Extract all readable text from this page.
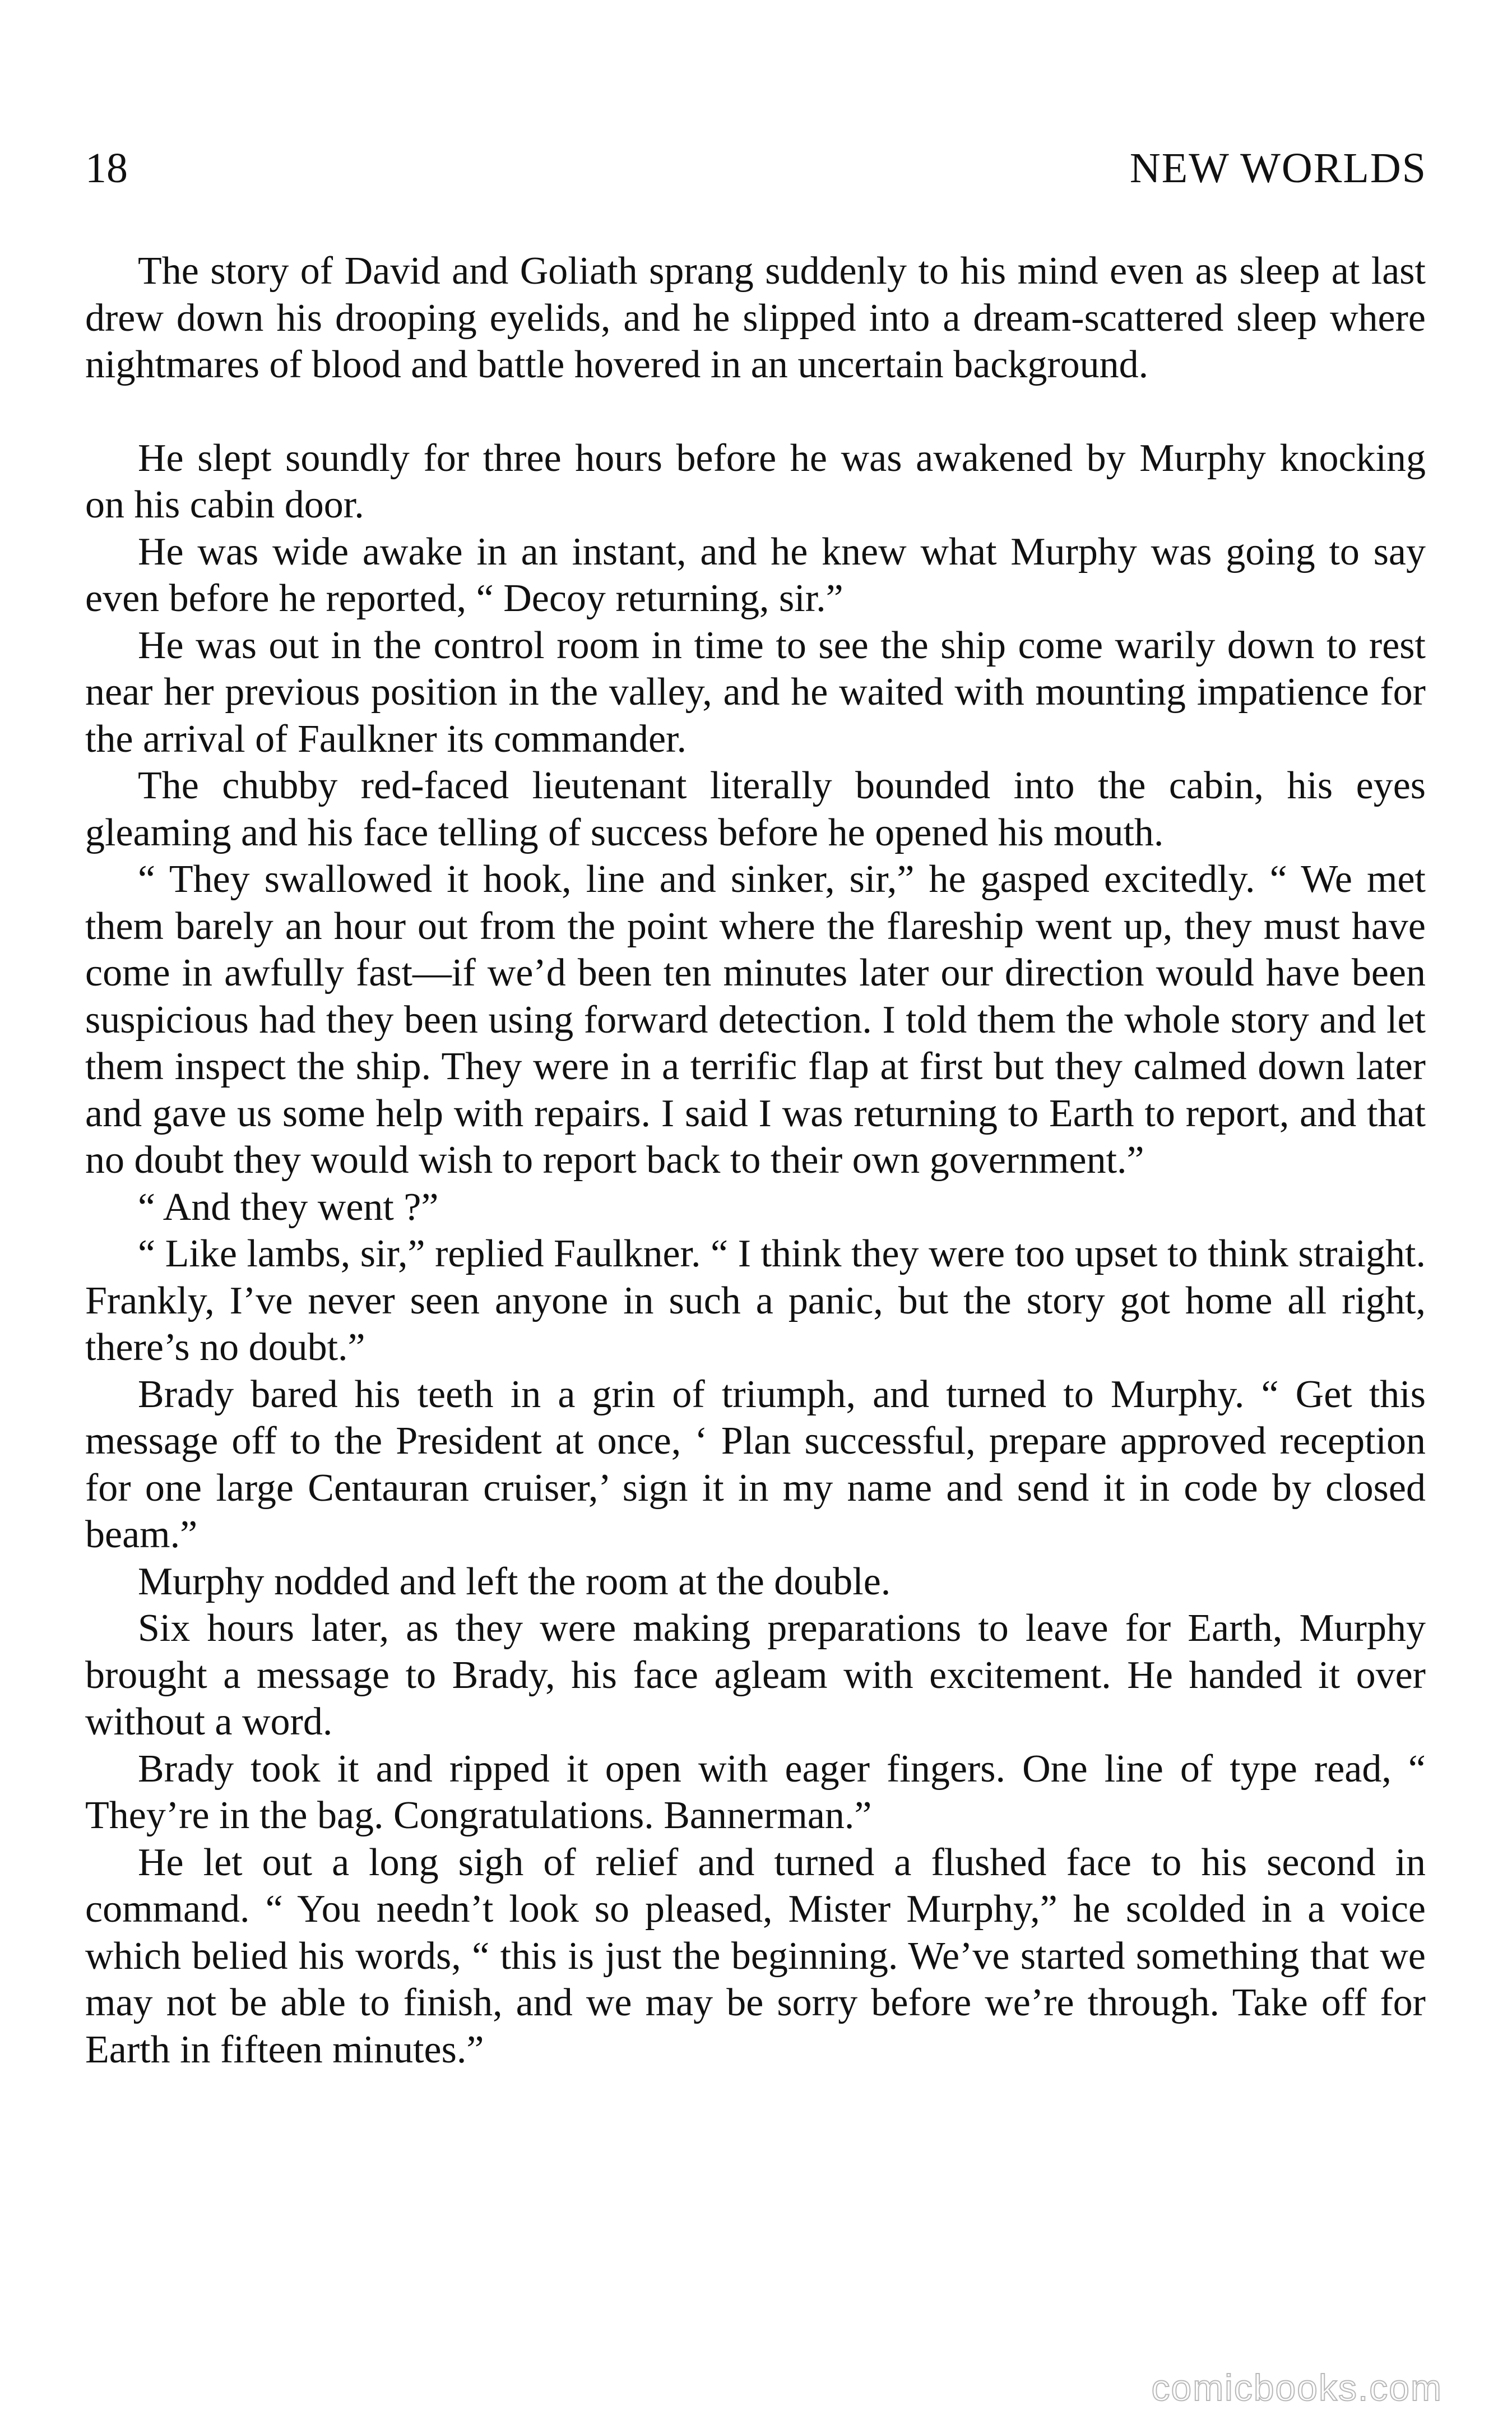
18	NEW WORLDS

The story of David and Goliath sprang suddenly to his mind even as sleep at last drew down his drooping eyelids, and he slipped into a dream-scattered sleep where nightmares of blood and battle hovered in an uncertain background.

He slept soundly for three hours before he was awakened by Murphy knocking on his cabin door.

He was wide awake in an instant, and he knew what Murphy was going to say even before he reported, “ Decoy returning, sir.”

He was out in the control room in time to see the ship come warily down to rest near her previous position in the valley, and he waited with mounting impatience for the arrival of Faulkner its commander.

The chubby red-faced lieutenant literally bounded into the cabin, his eyes gleaming and his face telling of success before he opened his mouth.

“ They swallowed it hook, line and sinker, sir,” he gasped excitedly. “ We met them barely an hour out from the point where the flareship went up, they must have come in awfully fast—if we’d been ten minutes later our direction would have been suspicious had they been using forward detection. I told them the whole story and let them inspect the ship. They were in a terrific flap at first but they calmed down later and gave us some help with repairs. I said I was returning to Earth to report, and that no doubt they would wish to report back to their own government.”

“ And they went ?”

“ Like lambs, sir,” replied Faulkner. “ I think they were too upset to think straight. Frankly, I’ve never seen anyone in such a panic, but the story got home all right, there’s no doubt.”

Brady bared his teeth in a grin of triumph, and turned to Murphy. “ Get this message off to the President at once, ‘ Plan successful, prepare approved reception for one large Centauran cruiser,’ sign it in my name and send it in code by closed beam.”

Murphy nodded and left the room at the double.

Six hours later, as they were making preparations to leave for Earth, Murphy brought a message to Brady, his face agleam with excitement. He handed it over without a word.

Brady took it and ripped it open with eager fingers. One line of type read, “ They’re in the bag. Congratulations. Bannerman.”

He let out a long sigh of relief and turned a flushed face to his second in command. “ You needn’t look so pleased, Mister Murphy,” he scolded in a voice which belied his words, “ this is just the beginning. We’ve started something that we may not be able to finish, and we may be sorry before we’re through. Take off for Earth in fifteen minutes.”

comicbooks.com
